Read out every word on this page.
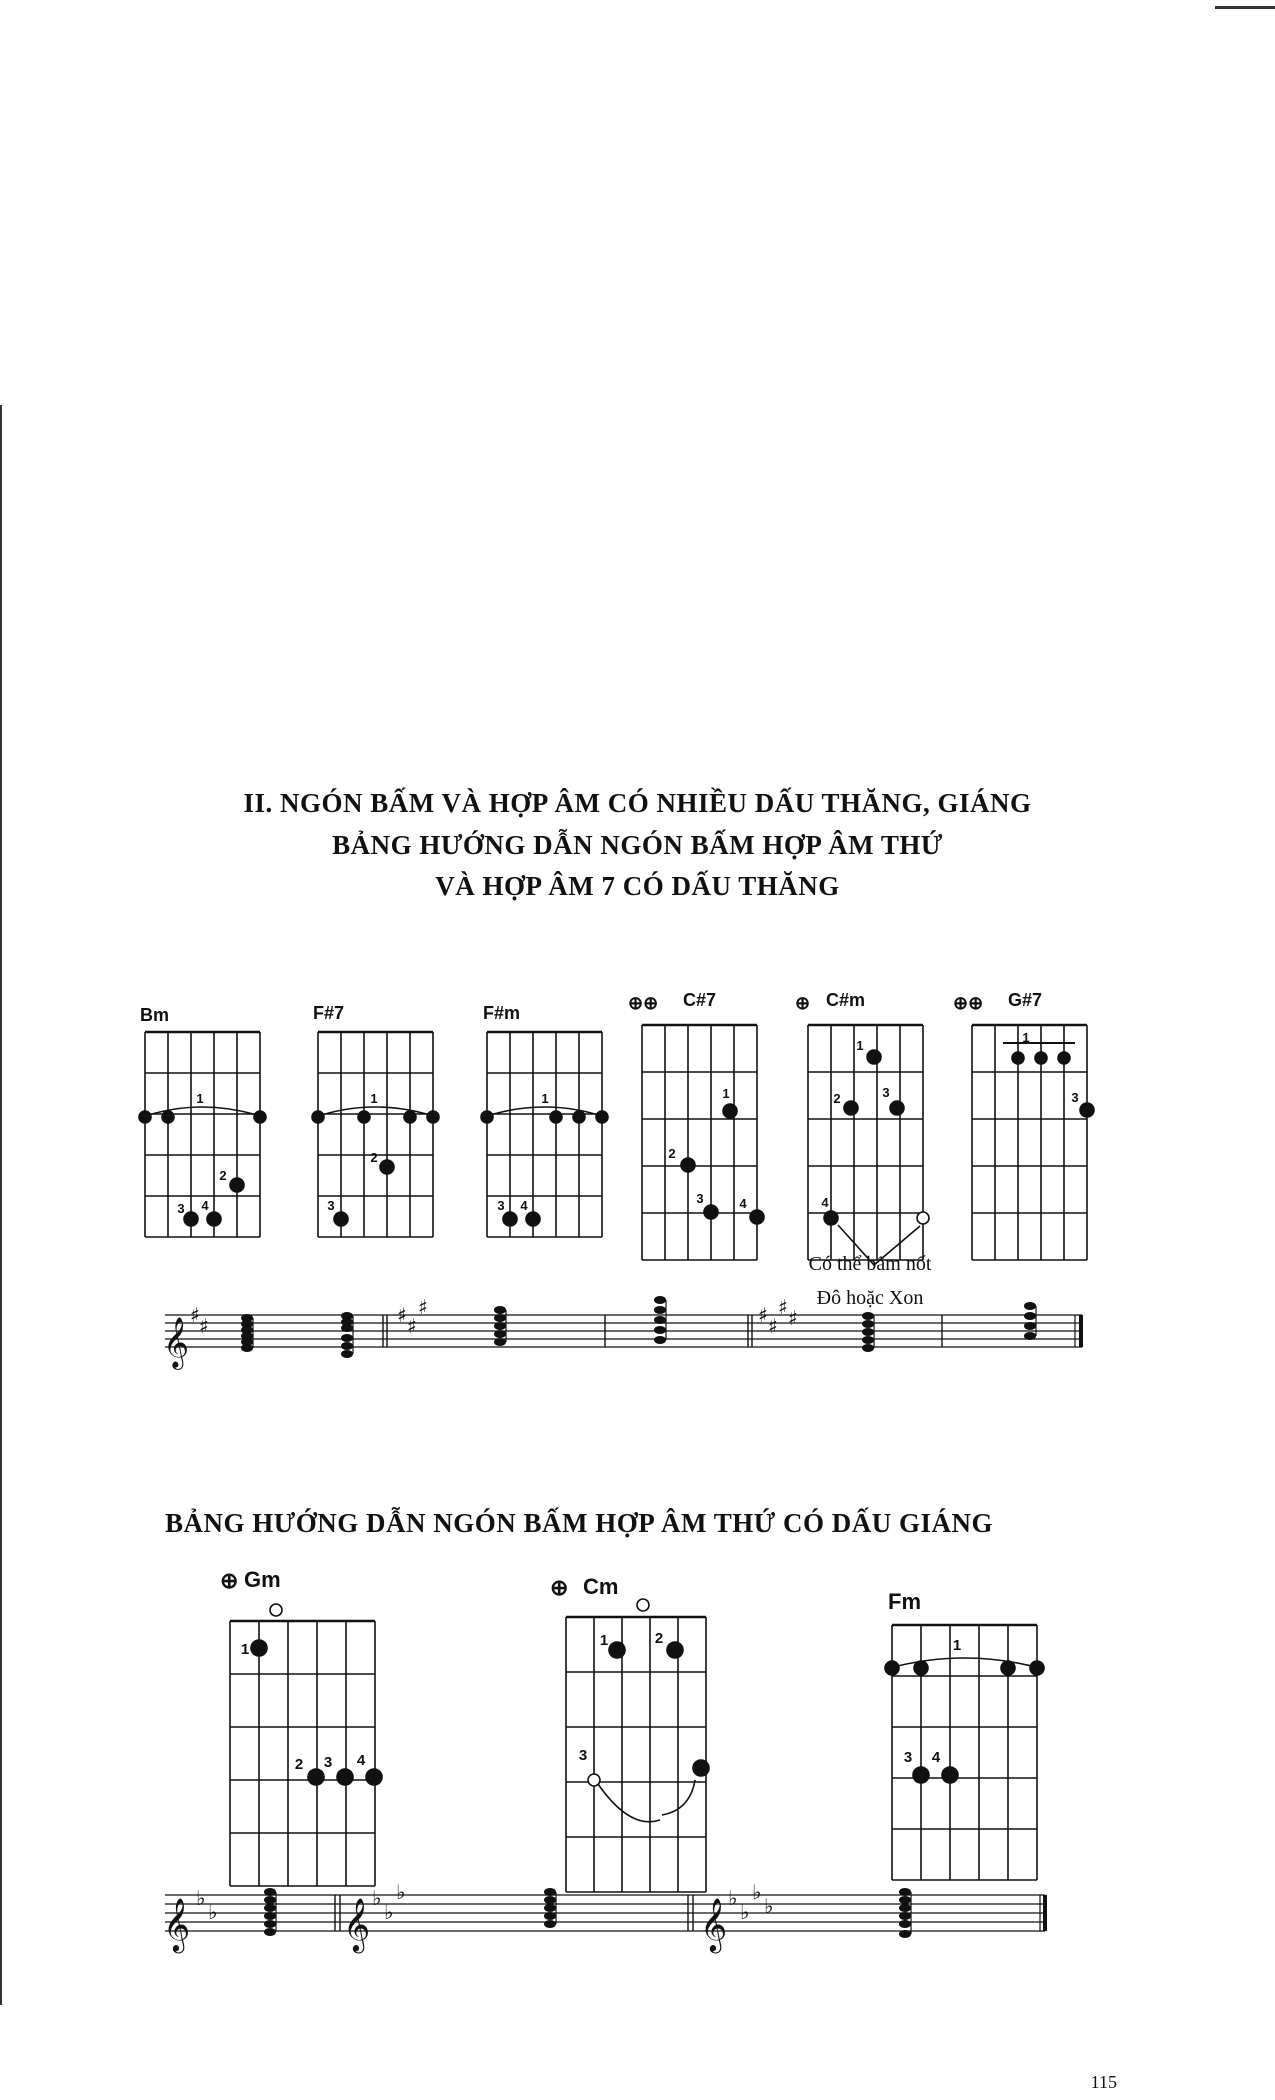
II. NGÓN BẤM VÀ HỢP ÂM CÓ NHIỀU DẤU THĂNG, GIÁNG
BẢNG HƯỚNG DẪN NGÓN BẤM HỢP ÂM THỨ
VÀ HỢP ÂM 7 CÓ DẤU THĂNG
Bm	F#7	F#m	⊕⊕ C#7	⊕ C#m	⊕⊕ G#7
Có thể bấm nốt
Đô hoặc Xon
BẢNG HƯỚNG DẪN NGÓN BẤM HỢP ÂM THỨ CÓ DẤU GIÁNG
⊕ Gm	⊕ Cm
Fm
115
1
2
3 4
1
2
3
1
3 4
1
2
3	4
1
2	3
4
1
3
1
2 3 4
1	2
3
1
3 4
𝄞
♯ ♯	♯ ♯
♯	♯ ♯
♯ ♯
𝄞 ♭
♭	𝄞 ♭
♭
♭
𝄞 ♭
♭
♭
♭
